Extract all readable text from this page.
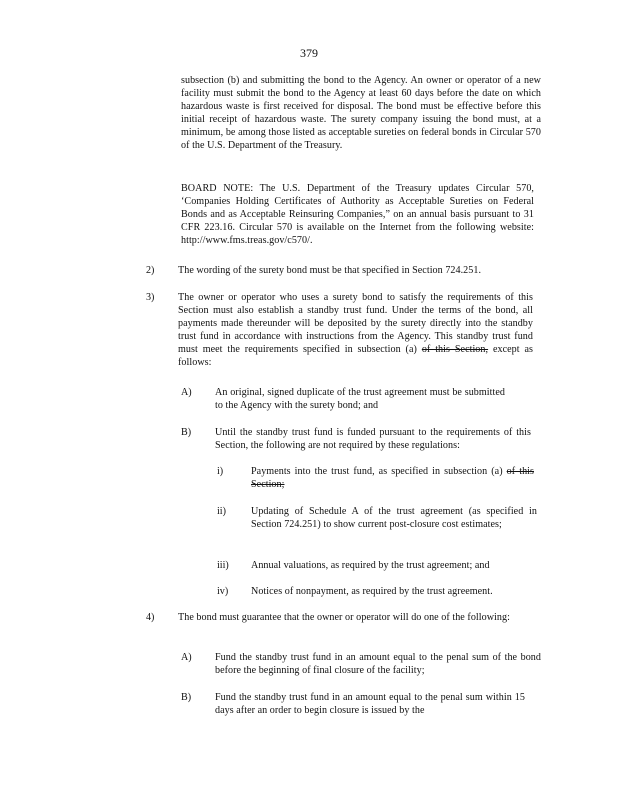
379
subsection (b) and submitting the bond to the Agency. An owner or operator of a new facility must submit the bond to the Agency at least 60 days before the date on which hazardous waste is first received for disposal. The bond must be effective before this initial receipt of hazardous waste. The surety company issuing the bond must, at a minimum, be among those listed as acceptable sureties on federal bonds in Circular 570 of the U.S. Department of the Treasury.
BOARD NOTE: The U.S. Department of the Treasury updates Circular 570, ‘Companies Holding Certificates of Authority as Acceptable Sureties on Federal Bonds and as Acceptable Reinsuring Companies,” on an annual basis pursuant to 31 CFR 223.16. Circular 570 is available on the Internet from the following website: http://www.fms.treas.gov/c570/.
2) The wording of the surety bond must be that specified in Section 724.251.
3) The owner or operator who uses a surety bond to satisfy the requirements of this Section must also establish a standby trust fund. Under the terms of the bond, all payments made thereunder will be deposited by the surety directly into the standby trust fund in accordance with instructions from the Agency. This standby trust fund must meet the requirements specified in subsection (a) of this Section, except as follows:
A) An original, signed duplicate of the trust agreement must be submitted to the Agency with the surety bond; and
B) Until the standby trust fund is funded pursuant to the requirements of this Section, the following are not required by these regulations:
i)	Payments into the trust fund, as specified in subsection (a) of this Section;
ii) Updating of Schedule A of the trust agreement (as specified in Section 724.251) to show current post-closure cost estimates;
iii) Annual valuations, as required by the trust agreement; and
iv) Notices of nonpayment, as required by the trust agreement.
4) The bond must guarantee that the owner or operator will do one of the following:
A) Fund the standby trust fund in an amount equal to the penal sum of the bond before the beginning of final closure of the facility;
B) Fund the standby trust fund in an amount equal to the penal sum within 15 days after an order to begin closure is issued by the
